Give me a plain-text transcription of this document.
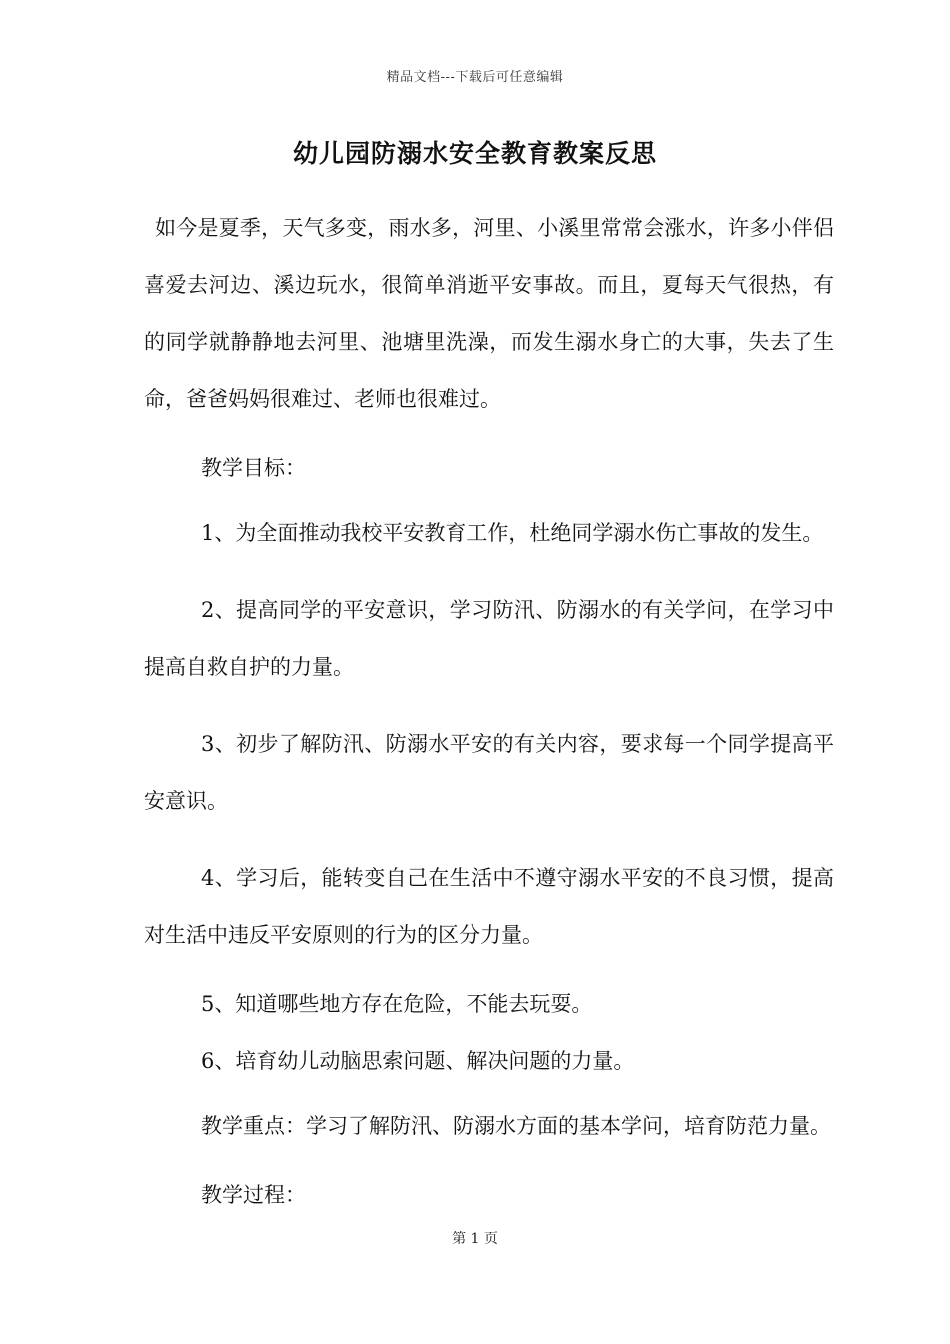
精品文档---下载后可任意编辑
幼儿园防溺水安全教育教案反思

如今是夏季，天气多变，雨水多，河里、小溪里常常会涨水，许多小伴侣喜爱去河边、溪边玩水，很简单消逝平安事故。而且，夏每天气很热，有的同学就静静地去河里、池塘里洗澡，而发生溺水身亡的大事，失去了生命，爸爸妈妈很难过、老师也很难过。

教学目标：

1、为全面推动我校平安教育工作，杜绝同学溺水伤亡事故的发生。

2、提高同学的平安意识，学习防汛、防溺水的有关学问，在学习中提高自救自护的力量。

3、初步了解防汛、防溺水平安的有关内容，要求每一个同学提高平安意识。

4、学习后，能转变自己在生活中不遵守溺水平安的不良习惯，提高对生活中违反平安原则的行为的区分力量。

5、知道哪些地方存在危险，不能去玩耍。

6、培育幼儿动脑思索问题、解决问题的力量。

教学重点：学习了解防汛、防溺水方面的基本学问，培育防范力量。

教学过程：

第 1 页
